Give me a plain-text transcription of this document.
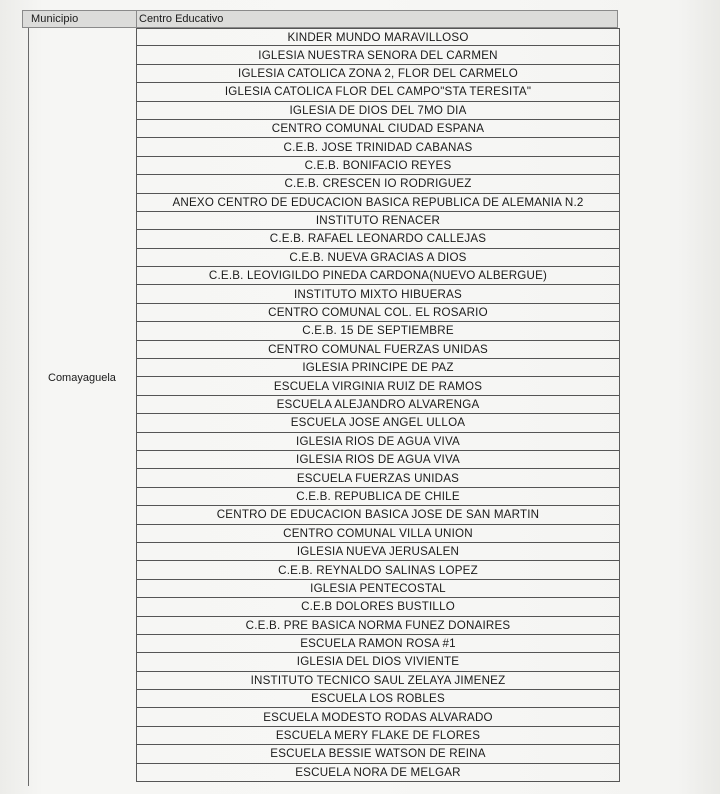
Municipio	Centro Educativo
Comayaguela
KINDER MUNDO MARAVILLOSO
IGLESIA NUESTRA SENORA DEL CARMEN
IGLESIA CATOLICA ZONA 2, FLOR DEL CARMELO
IGLESIA CATOLICA FLOR DEL CAMPO"STA TERESITA"
IGLESIA DE DIOS DEL 7MO DIA
CENTRO COMUNAL CIUDAD ESPANA
C.E.B. JOSE TRINIDAD CABANAS
C.E.B. BONIFACIO REYES
C.E.B. CRESCEN IO RODRIGUEZ
ANEXO CENTRO DE EDUCACION BASICA REPUBLICA DE ALEMANIA N.2
INSTITUTO RENACER
C.E.B. RAFAEL LEONARDO CALLEJAS
C.E.B. NUEVA GRACIAS A DIOS
C.E.B. LEOVIGILDO PINEDA CARDONA(NUEVO ALBERGUE)
INSTITUTO MIXTO HIBUERAS
CENTRO COMUNAL COL. EL ROSARIO
C.E.B. 15 DE SEPTIEMBRE
CENTRO COMUNAL FUERZAS UNIDAS
IGLESIA PRINCIPE DE PAZ
ESCUELA VIRGINIA RUIZ DE RAMOS
ESCUELA ALEJANDRO ALVARENGA
ESCUELA JOSE ANGEL ULLOA
IGLESIA RIOS DE AGUA VIVA
IGLESIA RIOS DE AGUA VIVA
ESCUELA FUERZAS UNIDAS
C.E.B. REPUBLICA DE CHILE
CENTRO DE EDUCACION BASICA JOSE DE SAN MARTIN
CENTRO COMUNAL VILLA UNION
IGLESIA NUEVA JERUSALEN
C.E.B. REYNALDO SALINAS LOPEZ
IGLESIA PENTECOSTAL
C.E.B DOLORES BUSTILLO
C.E.B. PRE BASICA NORMA FUNEZ DONAIRES
ESCUELA RAMON ROSA #1
IGLESIA DEL DIOS VIVIENTE
INSTITUTO TECNICO SAUL ZELAYA JIMENEZ
ESCUELA LOS ROBLES
ESCUELA MODESTO RODAS ALVARADO
ESCUELA MERY FLAKE DE FLORES
ESCUELA BESSIE WATSON DE REINA
ESCUELA NORA DE MELGAR
